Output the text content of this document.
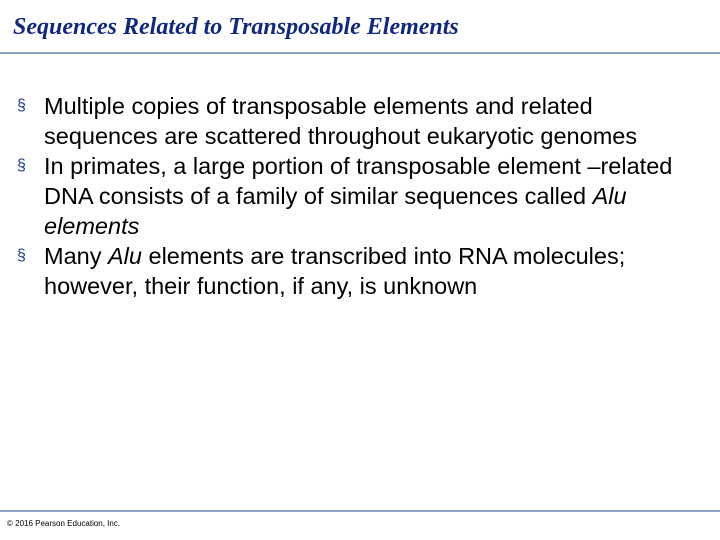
Sequences Related to Transposable Elements
§ Multiple copies of transposable elements and related sequences are scattered throughout eukaryotic genomes
§ In primates, a large portion of transposable element –related DNA consists of a family of similar sequences called Alu elements
§ Many Alu elements are transcribed into RNA molecules; however, their function, if any, is unknown
© 2016 Pearson Education, Inc.
